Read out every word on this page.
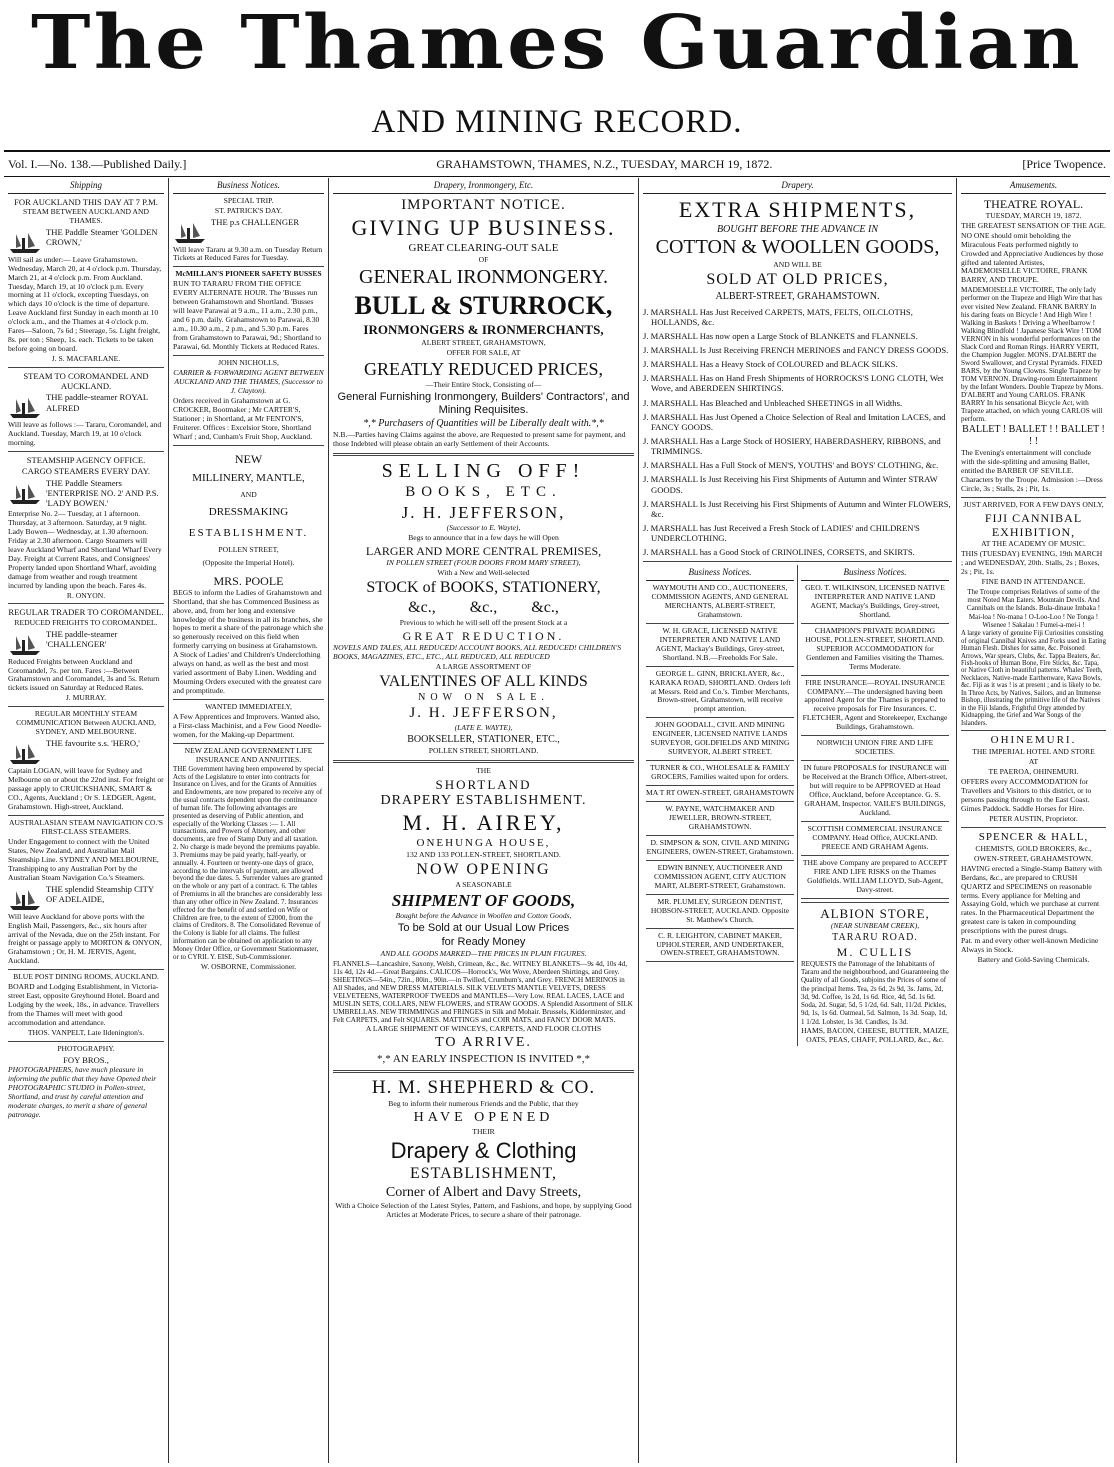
The Thames Guardian
AND MINING RECORD.
Vol. I.—No. 138.—Published Daily.]	GRAHAMSTOWN, THAMES, N.Z., TUESDAY, MARCH 19, 1872.	[Price Twopence.
Shipping

FOR AUCKLAND THIS DAY AT 7 P.M.

STEAM BETWEEN AUCKLAND AND THAMES.

THE Paddle Steamer 'GOLDEN CROWN,'

Will sail as under:— Leave Grahamstown. Wednesday, March 20, at 4 o'clock p.m. Thursday, March 21, at 4 o'clock p.m. From Auckland. Tuesday, March 19, at 10 o'clock p.m. Every morning at 11 o'clock, excepting Tuesdays, on which days 10 o'clock is the time of departure. Leave Auckland first Sunday in each month at 10 o'clock a.m., and the Thames at 4 o'clock p.m. Fares—Saloon, 7s 6d ; Steerage, 5s. Light freight, 8s. per ton ; Sheep, 1s. each. Tickets to be taken before going on board.

J. S. MACFARLANE.

STEAM TO COROMANDEL AND AUCKLAND.

THE paddle-steamer ROYAL ALFRED

Will leave as follows :— Tararu, Coromandel, and Auckland. Tuesday, March 19, at 10 o'clock morning.

STEAMSHIP AGENCY OFFICE.

CARGO STEAMERS EVERY DAY.

THE Paddle Steamers 'ENTERPRISE NO. 2' AND P.S. 'LADY BOWEN.'

Enterprise No. 2— Tuesday, at 1 afternoon. Thursday, at 3 afternoon. Saturday, at 9 night. Lady Bowen— Wednesday, at 1.30 afternoon. Friday at 2.30 afternoon. Cargo Steamers will leave Auckland Wharf and Shortland Wharf Every Day. Freight at Current Rates, and Consignees' Property landed upon Shortland Wharf, avoiding damage from weather and rough treatment incurred by landing upon the beach. Fares 4s.

R. ONYON.

REGULAR TRADER TO COROMANDEL.

REDUCED FREIGHTS TO COROMANDEL.

THE paddle-steamer 'CHALLENGER'

Reduced Freights between Auckland and Coromandel, 7s. per ton. Fares :—Between Grahamstown and Coromandel, 3s and 5s. Return tickets issued on Saturday at Reduced Rates.

J. MURRAY.

REGULAR MONTHLY STEAM COMMUNICATION Between AUCKLAND, SYDNEY, AND MELBOURNE.

THE favourite s.s. 'HERO,'

Captain LOGAN, will leave for Sydney and Melbourne on or about the 22nd inst. For freight or passage apply to CRUICKSHANK, SMART & CO., Agents, Auckland ; Or S. LEDGER, Agent, Grahamstown. High-street, Auckland.

AUSTRALASIAN STEAM NAVIGATION CO.'S FIRST-CLASS STEAMERS.

Under Engagement to connect with the United States, New Zealand, and Australian Mail Steamship Line. SYDNEY AND MELBOURNE, Transhipping to any Australian Port by the Australian Steam Navigation Co.'s Steamers.

THE splendid Steamship CITY OF ADELAIDE,

Will leave Auckland for above ports with the English Mail, Passengers, &c., six hours after arrival of the Nevada, due on the 25th instant. For freight or passage apply to MORTON & ONYON, Grahamstown ; Or, H. M. JERVIS, Agent, Auckland.

BLUE POST DINING ROOMS, AUCKLAND.

BOARD and Lodging Establishment, in Victoria-street East, opposite Greyhound Hotel. Board and Lodging by the week, 18s., in advance. Travellers from the Thames will meet with good accommodation and attendance.

THOS. VANPELT, Late Ildenington's.

PHOTOGRAPHY.

FOY BROS.,

PHOTOGRAPHERS, have much pleasure in informing the public that they have Opened their PHOTOGRAPHIC STUDIO in Pollen-street, Shortland, and trust by careful attention and moderate charges, to merit a share of general patronage.

Business Notices.

SPECIAL TRIP.

ST. PATRICK'S DAY.

THE p.s CHALLENGER

Will leave Tararu at 9.30 a.m. on Tuesday Return Tickets at Reduced Fares for Tuesday.

McMILLAN'S PIONEER SAFETY BUSSES

RUN TO TARARU FROM THE OFFICE EVERY ALTERNATE HOUR. The 'Busses run between Grahamstown and Shortland. 'Busses will leave Parawai at 9 a.m., 11 a.m., 2.30 p.m., and 6 p.m. daily. Grahamstown to Parawai, 8.30 a.m., 10.30 a.m., 2 p.m., and 5.30 p.m. Fares from Grahamstown to Parawai, 9d.; Shortland to Parawai, 6d. Monthly Tickets at Reduced Rates.

JOHN NICHOLLS,

CARRIER & FORWARDING AGENT BETWEEN AUCKLAND AND THE THAMES, (Successor to J. Clayton).

Orders received in Grahamstown at G. CROCKER, Bootmaker ; Mr CARTER'S, Stationer ; in Shortland, at Mr FENTON'S, Fruiterer. Offices : Excelsior Store, Shortland Wharf ; and, Cunham's Fruit Shop, Auckland.

NEW

MILLINERY, MANTLE,

AND

DRESSMAKING

ESTABLISHMENT.

POLLEN STREET,

(Opposite the Imperial Hotel).

MRS. POOLE

BEGS to inform the Ladies of Grahamstown and Shortland, that she has Commenced Business as above, and, from her long and extensive knowledge of the business in all its branches, she hopes to merit a share of the patronage which she so generously received on this field when formerly carrying on business at Grahamstown. A Stock of Ladies' and Children's Underclothing always on hand, as well as the best and most varied assortment of Baby Linen. Wedding and Mourning Orders executed with the greatest care and promptitude.

WANTED IMMEDIATELY,

A Few Apprentices and Improvers. Wanted also, a First-class Machinist, and a Few Good Needle-women, for the Making-up Department.

NEW ZEALAND GOVERNMENT LIFE INSURANCE AND ANNUITIES.

THE Government having been empowered by special Acts of the Legislature to enter into contracts for Insurance on Lives, and for the Grants of Annuities and Endowments, are now prepared to receive any of the usual contracts dependent upon the continuance of human life. The following advantages are presented as deserving of Public attention, and especially of the Working Classes :— 1. All transactions, and Powers of Attorney, and other documents, are free of Stamp Duty and all taxation. 2. No charge is made beyond the premiums payable. 3. Premiums may be paid yearly, half-yearly, or annually. 4. Fourteen or twenty-one days of grace, according to the intervals of payment, are allowed beyond the due dates. 5. Surrender values are granted on the whole or any part of a contract. 6. The tables of Premiums in all the branches are considerably less than any other office in New Zealand. 7. Insurances effected for the benefit of and settled on Wife or Children are free, to the extent of £2000, from the claims of Creditors. 8. The Consolidated Revenue of the Colony is liable for all claims. The fullest information can be obtained on application to any Money Order Office, or Government Stationmaster, or to CYRIL Y. EISE, Sub-Commissioner.

W. OSBORNE, Commissioner.

Drapery, Ironmongery, Etc.

IMPORTANT NOTICE.

GIVING UP BUSINESS.

GREAT CLEARING-OUT SALE

OF

GENERAL IRONMONGERY.

BULL & STURROCK,

IRONMONGERS & IRONMERCHANTS,

ALBERT STREET, GRAHAMSTOWN,

OFFER FOR SALE, AT

GREATLY REDUCED PRICES,

—Their Entire Stock, Consisting of—

General Furnishing Ironmongery, Builders' Contractors', and Mining Requisites.

*,* Purchasers of Quantities will be Liberally dealt with.*,*

N.B.—Parties having Claims against the above, are Requested to present same for payment, and those Indebted will please obtain an early Settlement of their Accounts.

SELLING OFF!

BOOKS, ETC.

J. H. JEFFERSON,

(Successor to E. Wayte),

Begs to announce that in a few days he will Open

LARGER AND MORE CENTRAL PREMISES,

IN POLLEN STREET (FOUR DOORS FROM MARY STREET),

With a New and Well-selected

STOCK of BOOKS, STATIONERY,

&c., &c., &c.,

Previous to which he will sell off the present Stock at a

GREAT REDUCTION.

NOVELS AND TALES, ALL REDUCED! ACCOUNT BOOKS, ALL REDUCED! CHILDREN'S BOOKS, MAGAZINES, ETC., ETC., ALL REDUCED, ALL REDUCED

A LARGE ASSORTMENT OF

VALENTINES OF ALL KINDS

NOW ON SALE.

J. H. JEFFERSON,

(LATE E. WAYTE),

BOOKSELLER, STATIONER, ETC.,

POLLEN STREET, SHORTLAND.

THE

SHORTLAND

DRAPERY ESTABLISHMENT.

M. H. AIREY,

ONEHUNGA HOUSE,

132 AND 133 POLLEN-STREET, SHORTLAND.

NOW OPENING

A SEASONABLE

SHIPMENT OF GOODS,

Bought before the Advance in Woollen and Cotton Goods,

To be Sold at our Usual Low Prices

for Ready Money

AND ALL GOODS MARKED—THE PRICES IN PLAIN FIGURES.

FLANNELS—Lancashire, Saxony, Welsh, Crimean, &c., &c. WITNEY BLANKETS—9s 4d, 10s 4d, 11s 4d, 12s 4d.—Great Bargains. CALICOS—Horrock's, Wet Wove, Aberdeen Shirtings, and Grey. SHEETINGS—54in., 72in., 80in., 90in.—in Twilled, Crumbum's, and Grey. FRENCH MERINOS in All Shades, and NEW DRESS MATERIALS. SILK VELVETS MANTLE VELVETS, DRESS VELVETEENS, WATERPROOF TWEEDS and MANTLES—Very Low. REAL LACES, LACE and MUSLIN SETS, COLLARS, NEW FLOWERS, and STRAW GOODS. A Splendid Assortment of SILK UMBRELLAS. NEW TRIMMINGS and FRINGES in Silk and Mohair. Brussels, Kidderminster, and Felt CARPETS, and Felt SQUARES. MATTINGS and COIR MATS, and FANCY DOOR MATS.

A LARGE SHIPMENT OF WINCEYS, CARPETS, AND FLOOR CLOTHS

TO ARRIVE.

*,* AN EARLY INSPECTION IS INVITED *,*

H. M. SHEPHERD & CO.

Beg to inform their numerous Friends and the Public, that they

HAVE OPENED

THEIR

Drapery & Clothing

ESTABLISHMENT,

Corner of Albert and Davy Streets,

With a Choice Selection of the Latest Styles, Pattern, and Fashions, and hope, by supplying Good Articles at Moderate Prices, to secure a share of their patronage.

Drapery.

EXTRA SHIPMENTS,

BOUGHT BEFORE THE ADVANCE IN

COTTON & WOOLLEN GOODS,

AND WILL BE

SOLD AT OLD PRICES,

ALBERT-STREET, GRAHAMSTOWN.

J. MARSHALL Has Just Received CARPETS, MATS, FELTS, OILCLOTHS, HOLLANDS, &c.

J. MARSHALL Has now open a Large Stock of BLANKETS and FLANNELS.

J. MARSHALL Is Just Receiving FRENCH MERINOES and FANCY DRESS GOODS.

J. MARSHALL Has a Heavy Stock of COLOURED and BLACK SILKS.

J. MARSHALL Has on Hand Fresh Shipments of HORROCKS'S LONG CLOTH, Wet Wove, and ABERDEEN SHIRTINGS.

J. MARSHALL Has Bleached and Unbleached SHEETINGS in all Widths.

J. MARSHALL Has Just Opened a Choice Selection of Real and Imitation LACES, and FANCY GOODS.

J. MARSHALL Has a Large Stock of HOSIERY, HABERDASHERY, RIBBONS, and TRIMMINGS.

J. MARSHALL Has a Full Stock of MEN'S, YOUTHS' and BOYS' CLOTHING, &c.

J. MARSHALL Is Just Receiving his First Shipments of Autumn and Winter STRAW GOODS.

J. MARSHALL Is Just Receiving his First Shipments of Autumn and Winter FLOWERS, &c.

J. MARSHALL has Just Received a Fresh Stock of LADIES' and CHILDREN'S UNDERCLOTHING.

J. MARSHALL has a Good Stock of CRINOLINES, CORSETS, and SKIRTS.

Business Notices.

WAYMOUTH AND CO., AUCTIONEERS, COMMISSION AGENTS, AND GENERAL MERCHANTS, ALBERT-STREET, Grahamstown.

W. H. GRACE, LICENSED NATIVE INTERPRETER AND NATIVE LAND AGENT, Mackay's Buildings, Grey-street, Shortland. N.B.—Freeholds For Sale.

GEORGE L. GINN, BRICKLAYER, &c., KARAKA ROAD, SHORTLAND. Orders left at Messrs. Reid and Co.'s. Timber Merchants, Brown-street, Grahamstown, will receive prompt attention.

JOHN GOODALL, CIVIL AND MINING ENGINEER, LICENSED NATIVE LANDS SURVEYOR, GOLDFIELDS AND MINING SURVEYOR, ALBERT STREET.

TURNER & CO., WHOLESALE & FAMILY GROCERS, Families waited upon for orders.

MA T RT OWEN-STREET, GRAHAMSTOWN

W. PAYNE, WATCHMAKER AND JEWELLER, BROWN-STREET, GRAHAMSTOWN.

D. SIMPSON & SON, CIVIL AND MINING ENGINEERS, OWEN-STREET, Grahamstown.

EDWIN BINNEY, AUCTIONEER AND COMMISSION AGENT, CITY AUCTION MART, ALBERT-STREET, Grahamstown.

MR. PLUMLEY, SURGEON DENTIST, HOBSON-STREET, AUCKLAND. Opposite St. Matthew's Church.

C. R. LEIGHTON, CABINET MAKER, UPHOLSTERER, AND UNDERTAKER, OWEN-STREET, GRAHAMSTOWN.

Business Notices.

GEO. T. WILKINSON, LICENSED NATIVE INTERPRETER AND NATIVE LAND AGENT, Mackay's Buildings, Grey-street, Shortland.

CHAMPION'S PRIVATE BOARDING HOUSE, POLLEN-STREET, SHORTLAND. SUPERIOR ACCOMMODATION for Gentlemen and Families visiting the Thames. Terms Moderate.

FIRE INSURANCE—ROYAL INSURANCE COMPANY.—The undersigned having been appointed Agent for the Thames is prepared to receive proposals for Fire Insurances. C. FLETCHER, Agent and Storekeeper, Exchange Buildings, Grahamstown.

NORWICH UNION FIRE AND LIFE SOCIETIES.

IN future PROPOSALS for INSURANCE will be Received at the Branch Office, Albert-street, but will require to be APPROVED at Head Office, Auckland, before Acceptance. G. S. GRAHAM, Inspector. VAILE'S BUILDINGS, Auckland.

SCOTTISH COMMERCIAL INSURANCE COMPANY. Head Office, AUCKLAND. PREECE AND GRAHAM Agents.

THE above Company are prepared to ACCEPT FIRE AND LIFE RISKS on the Thames Goldfields. WILLIAM LLOYD, Sub-Agent, Davy-street.

ALBION STORE,

(NEAR SUNBEAM CREEK),

TARARU ROAD.

M. CULLIS

REQUESTS the Patronage of the Inhabitants of Tararu and the neighbourhood, and Guaranteeing the Quality of all Goods, subjoins the Prices of some of the principal Items. Tea, 2s 6d, 2s 9d, 3s. Jams, 2d, 3d, 9d. Coffee, 1s 2d, 1s 6d. Rice, 4d, 5d. 1s 6d. Soda, 2d. Sugar, 5d, 5 1/2d, 6d. Salt, 11/2d. Pickles, 9d, 1s, 1s 6d. Oatmeal, 5d. Salmon, 1s 3d. Soap, 1d, 1 1/2d. Lobster, 1s 3d. Candles, 1s 3d.

HAMS, BACON, CHEESE, BUTTER, MAIZE, OATS, PEAS, CHAFF, POLLARD, &c., &c.

Amusements.

THEATRE ROYAL.

TUESDAY, MARCH 19, 1872.

THE GREATEST SENSATION OF THE AGE.

NO ONE should omit beholding the Miraculous Feats performed nightly to Crowded and Appreciative Audiences by those gifted and talented Artistes, MADEMOISELLE VICTOIRE, FRANK BARRY, AND TROUPE.

MADEMOISELLE VICTOIRE, The only lady performer on the Trapeze and High Wire that has ever visited New Zealand. FRANK BARRY In his daring feats on Bicycle ! And High Wire ! Walking in Baskets ! Driving a Wheelbarrow ! Walking Blindfold ! Japanese Slack Wire ! TOM VERNON in his wonderful performances on the Slack Cord and Roman Rings. HARRY VERTI, the Champion Juggler. MONS. D'ALBERT the Sword Swallower, and Crystal Pyramids. FIXED BARS, by the Young Clowns. Single Trapeze by TOM VERNON. Drawing-room Entertainment by the Infant Wonders. Double Trapeze by Mons. D'ALBERT and Young CARLOS. FRANK BARRY In his sensational Bicycle Act, with Trapeze attached, on which young CARLOS will perform.

BALLET ! BALLET ! ! BALLET ! ! !

The Evening's entertainment will conclude with the side-splitting and amusing Ballet, entitled the BARBER OF SEVILLE. Characters by the Troupe. Admission :—Dress Circle, 3s ; Stalls, 2s ; Pit, 1s.

JUST ARRIVED, FOR A FEW DAYS ONLY,

FIJI CANNIBAL EXHIBITION,

AT THE ACADEMY OF MUSIC.

THIS (TUESDAY) EVENING, 19th MARCH ; and WEDNESDAY, 20th. Stalls, 2s ; Boxes, 2s ; Pit, 1s.

FINE BAND IN ATTENDANCE.

The Troupe comprises Relatives of some of the most Noted Man Eaters. Mountain Devils. And Cannibals on the Islands. Bula-dinaue Imbaka ! Mai-loa ! No-mana ! O-Loo-Loo ! Ne Tonga ! Wisenee ! Sakalau ! Fumei-a-mei-i !

A large variety of genuine Fiji Curiosities consisting of original Cannibal Knives and Forks used in Eating Human Flesh. Dishes for same, &c. Poisoned Arrows, War spears, Clubs, &c. Tappa Beaters, &c. Fish-hooks of Human Bone, Fire Sticks, &c. Tapa, or Native Cloth in beautiful patterns. Whales' Teeth, Necklaces, Native-made Earthenware, Kava Bowls, &c. Fiji as it was ! is at present ; and is likely to be. In Three Acts, by Natives, Sailors, and an Immense Bishop, illustrating the primitive life of the Natives in the Fiji Islands, Frightful Orgy attended by Kidnapping, the Grief and War Songs of the Islanders.

OHINEMURI.

THE IMPERIAL HOTEL AND STORE

AT

TE PAEROA, OHINEMURI.

OFFERS every ACCOMMODATION for Travellers and Visitors to this district, or to persons passing through to the East Coast. Gimes Paddock. Saddle Horses for Hire.

PETER AUSTIN, Proprietor.

SPENCER & HALL,

CHEMISTS, GOLD BROKERS, &c.,

OWEN-STREET, GRAHAMSTOWN.

HAVING erected a Single-Stamp Battery with Berdans, &c., are prepared to CRUSH QUARTZ and SPECIMENS on reasonable terms. Every appliance for Melting and Assaying Gold, which we purchase at current rates. In the Pharmaceutical Department the greatest care is taken in compounding prescriptions with the purest drugs.

Pat. m and every other well-known Medicine Always in Stock.

Battery and Gold-Saving Chemicals.
